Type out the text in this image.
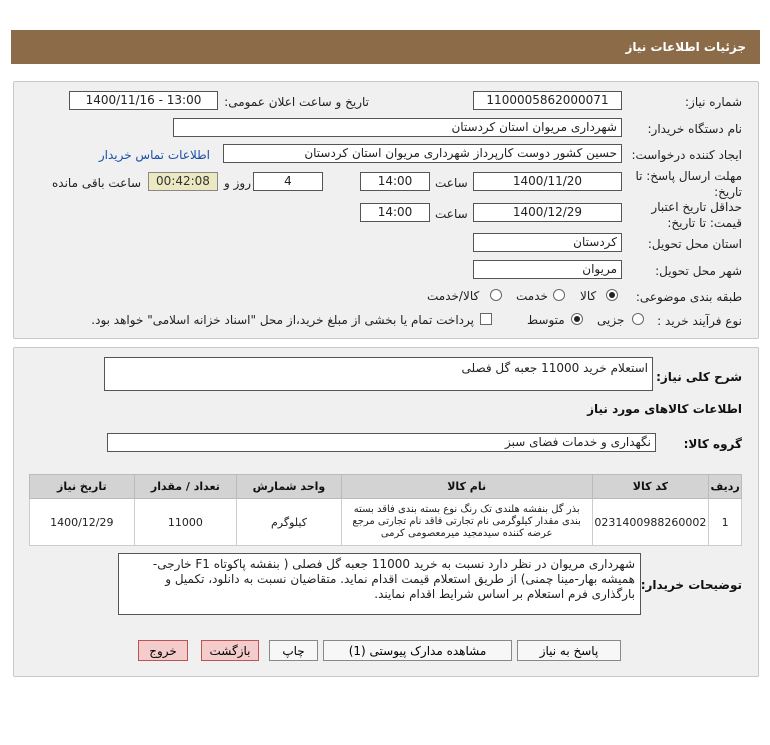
جزئیات اطلاعات نیاز
شماره نیاز:
1100005862000071
تاریخ و ساعت اعلان عمومی:
1400/11/16 - 13:00
نام دستگاه خریدار:
شهرداری مریوان استان کردستان
ایجاد کننده درخواست:
حسین کشور دوست کارپرداز شهرداری مریوان استان کردستان
اطلاعات تماس خریدار
مهلت ارسال پاسخ: تا تاریخ:
1400/11/20
ساعت
14:00
4
روز و
00:42:08
ساعت باقی مانده
حداقل تاریخ اعتبار قیمت: تا تاریخ:
1400/12/29
ساعت
14:00
استان محل تحویل:
کردستان
شهر محل تحویل:
مریوان
طبقه بندی موضوعی:
کالا
خدمت
کالا/خدمت
نوع فرآیند خرید :
جزیی
متوسط
پرداخت تمام یا بخشی از مبلغ خرید،از محل "اسناد خزانه اسلامی" خواهد بود.
شرح کلی نیاز:
استعلام خرید 11000 جعبه گل فصلی
اطلاعات کالاهای مورد نیاز
گروه کالا:
نگهداری و خدمات فضای سبز
ردیف	کد کالا	نام کالا	واحد شمارش	تعداد / مقدار	تاریخ نیاز
1	0231400988260002	بذر گل بنفشه هلندی تک رنگ نوع بسته بندی فاقد بسته بندی مقدار کیلوگرمی نام تجارتی فاقد نام تجارتی مرجع عرضه کننده سیدمجید میرمعصومی کرمی	کیلوگرم	11000	1400/12/29
توضیحات خریدار:
شهرداری مریوان در نظر دارد نسبت به خرید 11000 جعبه گل فصلی ( بنفشه پاکوتاه F1 خارجی-همیشه بهار-مینا چمنی) از طریق استعلام قیمت اقدام نماید. متقاضیان نسبت به دانلود، تکمیل و بارگذاری فرم استعلام بر اساس شرایط اقدام نمایند.
پاسخ به نیاز
مشاهده مدارک پیوستی (1)
چاپ
بازگشت
خروج
